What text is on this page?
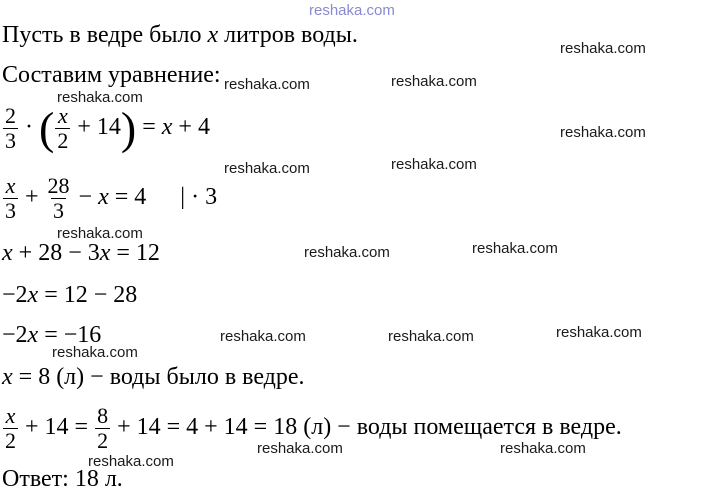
reshaka.com
reshaka.com
reshaka.com	reshaka.com
reshaka.com
reshaka.com
reshaka.com	reshaka.com
reshaka.com
reshaka.com	reshaka.com
reshaka.com	reshaka.com	reshaka.com
reshaka.com
reshaka.com	reshaka.com
reshaka.com
Пусть в ведре было x литров воды.
Составим уравнение:
$\frac{2}{3}$ · ( $\frac{x}{2} + 14) = x + 4$
$\frac{x}{3} + \frac{28}{3} - x = 4$ | · 3
x + 28 − 3x = 12
−2x = 12 − 28
−2x = −16
x = 8 (л) − воды было в ведре.
$\frac{x}{2} + 14 = \frac{8}{2} + 14 = 4 + 14 = 18$ (л) − воды помещается в ведре.
Ответ: 18 л.
